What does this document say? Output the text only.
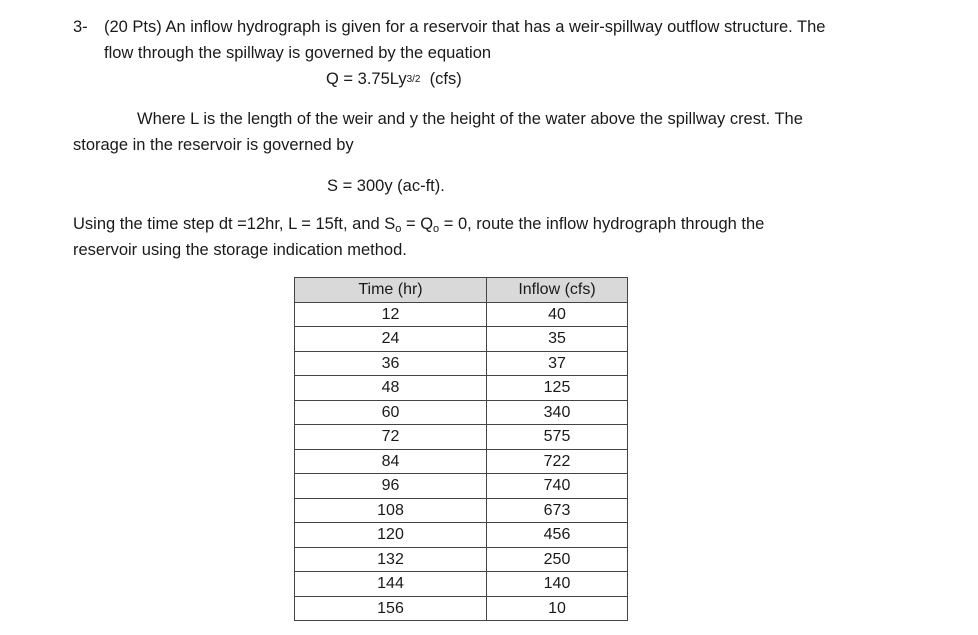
3- (20 Pts) An inflow hydrograph is given for a reservoir that has a weir-spillway outflow structure. The
flow through the spillway is governed by the equation
$Q = 3.75Ly^{3/2}$ (cfs)
Where L is the length of the weir and y the height of the water above the spillway crest. The
storage in the reservoir is governed by
S = 300y (ac-ft).
Using the time step dt =12hr, L = 15ft, and $S_o = Q_o = 0$, route the inflow hydrograph through the
reservoir using the storage indication method.
Time (hr)	Inflow (cfs)
12	40
24	35
36	37
48	125
60	340
72	575
84	722
96	740
108	673
120	456
132	250
144	140
156	10
